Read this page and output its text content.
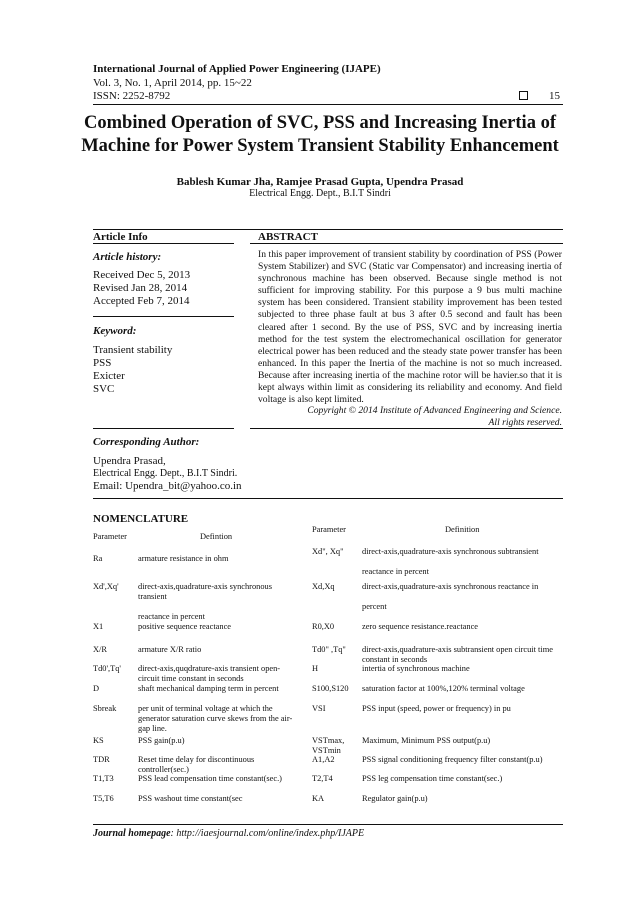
International Journal of Applied Power Engineering (IJAPE)
Vol. 3, No. 1, April 2014, pp. 15~22
ISSN: 2252-8792	15
Combined Operation of SVC, PSS and Increasing Inertia of
Machine for Power System Transient Stability Enhancement
Bablesh Kumar Jha, Ramjee Prasad Gupta, Upendra Prasad
Electrical Engg. Dept., B.I.T Sindri
Article Info
Article history:
Received Dec 5, 2013
Revised Jan 28, 2014
Accepted Feb 7, 2014
Keyword:
Transient stability
PSS
Exicter
SVC
ABSTRACT
In this paper improvement of transient stability by coordination of PSS (Power System Stabilizer) and SVC (Static var Compensator) and increasing inertia of synchronous machine has been observed. Because single method is not sufficient for improving stability. For this purpose a 9 bus multi machine system has been considered. Transient stability improvement has been tested subjected to three phase fault at bus 3 after 0.5 second and fault has been cleared after 1 second. By the use of PSS, SVC and by increasing inertia method for the test system the electromechanical oscillation for generator electrical power has been reduced and the steady state power transfer has been enhanced. In this paper the Inertia of the machine is not so much increased. Because after increasing inertia of the machine rotor will be havier.so that it is kept always within limit as considering its reliability and economy. And field voltage is also kept limited.
Copyright © 2014 Institute of Advanced Engineering and Science.
All rights reserved.
Corresponding Author:
Upendra Prasad,
Electrical Engg. Dept., B.I.T Sindri.
Email: Upendra_bit@yahoo.co.in
NOMENCLATURE
Parameter	Defintion
Parameter	Definition
Ra	armature resistance in ohm
Xd',Xq' direct-axis,quadrature-axis synchronous
transient
reactance in percent
X1	positive sequence reactance
X/R	armature X/R ratio
Td0',Tq' direct-axis,quqdrature-axis transient open-
circuit time constant in seconds
D	shaft mechanical damping term in percent
Sbreak	per unit of terminal voltage at which the
generator saturation curve skews from the air-
gap line.
KS	PSS gain(p.u)
TDR	Reset time delay for discontinuous
controller(sec.)
T1,T3	PSS lead compensation time constant(sec.)
T5,T6	PSS washout time constant(sec
Xd", Xq" direct-axis,quadrature-axis synchronous subtransient
reactance in percent
Xd,Xq	direct-axis,quadrature-axis synchronous reactance in
percent
R0,X0	zero sequence resistance.reactance
Td0" ,Tq" direct-axis,quadrature-axis subtransient open circuit time
constant in seconds
H	intertia of synchronous machine
S100,S120 saturation factor at 100%,120% terminal voltage
VSI	PSS input (speed, power or frequency) in pu
VSTmax,
VSTmin
Maximum, Minimum PSS output(p.u)
A1,A2	PSS signal conditioning frequency filter constant(p.u)
T2,T4	PSS leg compensation time constant(sec.)
KA	Regulator gain(p.u)
Journal homepage: http://iaesjournal.com/online/index.php/IJAPE
